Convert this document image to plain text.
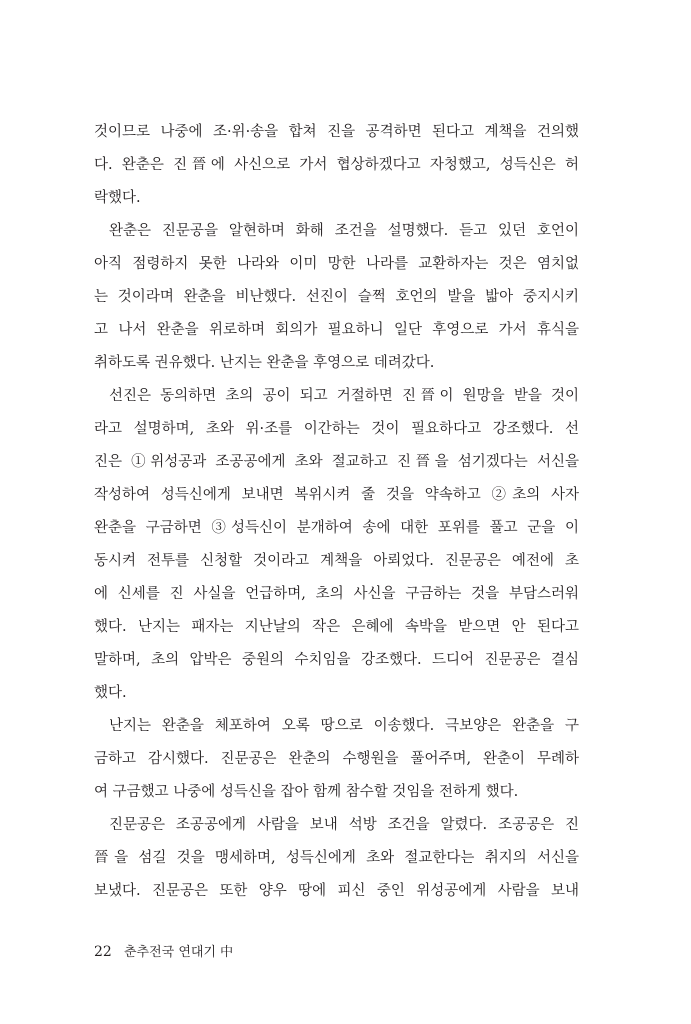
것이므로 나중에 조·위·송을 합쳐 진을 공격하면 된다고 계책을 건의했
다. 완춘은 진晉에 사신으로 가서 협상하겠다고 자청했고, 성득신은 허
락했다.
완춘은 진문공을 알현하며 화해 조건을 설명했다. 듣고 있던 호언이
아직 점령하지 못한 나라와 이미 망한 나라를 교환하자는 것은 염치없
는 것이라며 완춘을 비난했다. 선진이 슬쩍 호언의 발을 밟아 중지시키
고 나서 완춘을 위로하며 회의가 필요하니 일단 후영으로 가서 휴식을
취하도록 권유했다. 난지는 완춘을 후영으로 데려갔다.
선진은 동의하면 초의 공이 되고 거절하면 진晉이 원망을 받을 것이
라고 설명하며, 초와 위·조를 이간하는 것이 필요하다고 강조했다. 선
진은 ①위성공과 조공공에게 초와 절교하고 진晉을 섬기겠다는 서신을
작성하여 성득신에게 보내면 복위시켜 줄 것을 약속하고 ②초의 사자
완춘을 구금하면 ③성득신이 분개하여 송에 대한 포위를 풀고 군을 이
동시켜 전투를 신청할 것이라고 계책을 아뢰었다. 진문공은 예전에 초
에 신세를 진 사실을 언급하며, 초의 사신을 구금하는 것을 부담스러워
했다. 난지는 패자는 지난날의 작은 은혜에 속박을 받으면 안 된다고
말하며, 초의 압박은 중원의 수치임을 강조했다. 드디어 진문공은 결심
했다.
난지는 완춘을 체포하여 오록 땅으로 이송했다. 극보양은 완춘을 구
금하고 감시했다. 진문공은 완춘의 수행원을 풀어주며, 완춘이 무례하
여 구금했고 나중에 성득신을 잡아 함께 참수할 것임을 전하게 했다.
진문공은 조공공에게 사람을 보내 석방 조건을 알렸다. 조공공은 진
晉을 섬길 것을 맹세하며, 성득신에게 초와 절교한다는 취지의 서신을
보냈다. 진문공은 또한 양우 땅에 피신 중인 위성공에게 사람을 보내
22 춘추전국 연대기 中
